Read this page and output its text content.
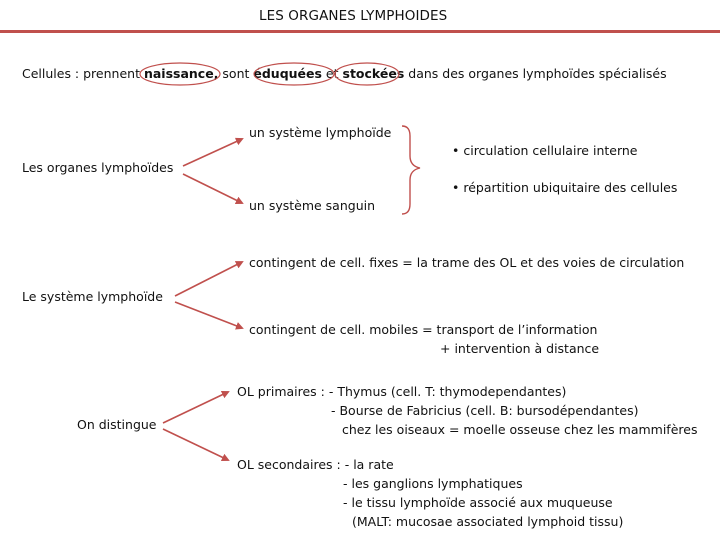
LES ORGANES LYMPHOIDES
Cellules : prennent naissance, sont éduquées et stockées dans des organes lymphoïdes spécialisés
Les organes lymphoïdes
un système lymphoïde
un système sanguin
• circulation cellulaire interne
• répartition ubiquitaire des cellules
Le système lymphoïde
contingent de cell. fixes = la trame des OL et des voies de circulation
contingent de cell. mobiles = transport de l’information
+ intervention à distance
On distingue
OL primaires : - Thymus (cell. T: thymodependantes)
- Bourse de Fabricius (cell. B: bursodépendantes)
chez les oiseaux = moelle osseuse chez les mammifères
OL secondaires : - la rate
- les ganglions lymphatiques
- le tissu lymphoïde associé aux muqueuse
(MALT: mucosae associated lymphoid tissu)
